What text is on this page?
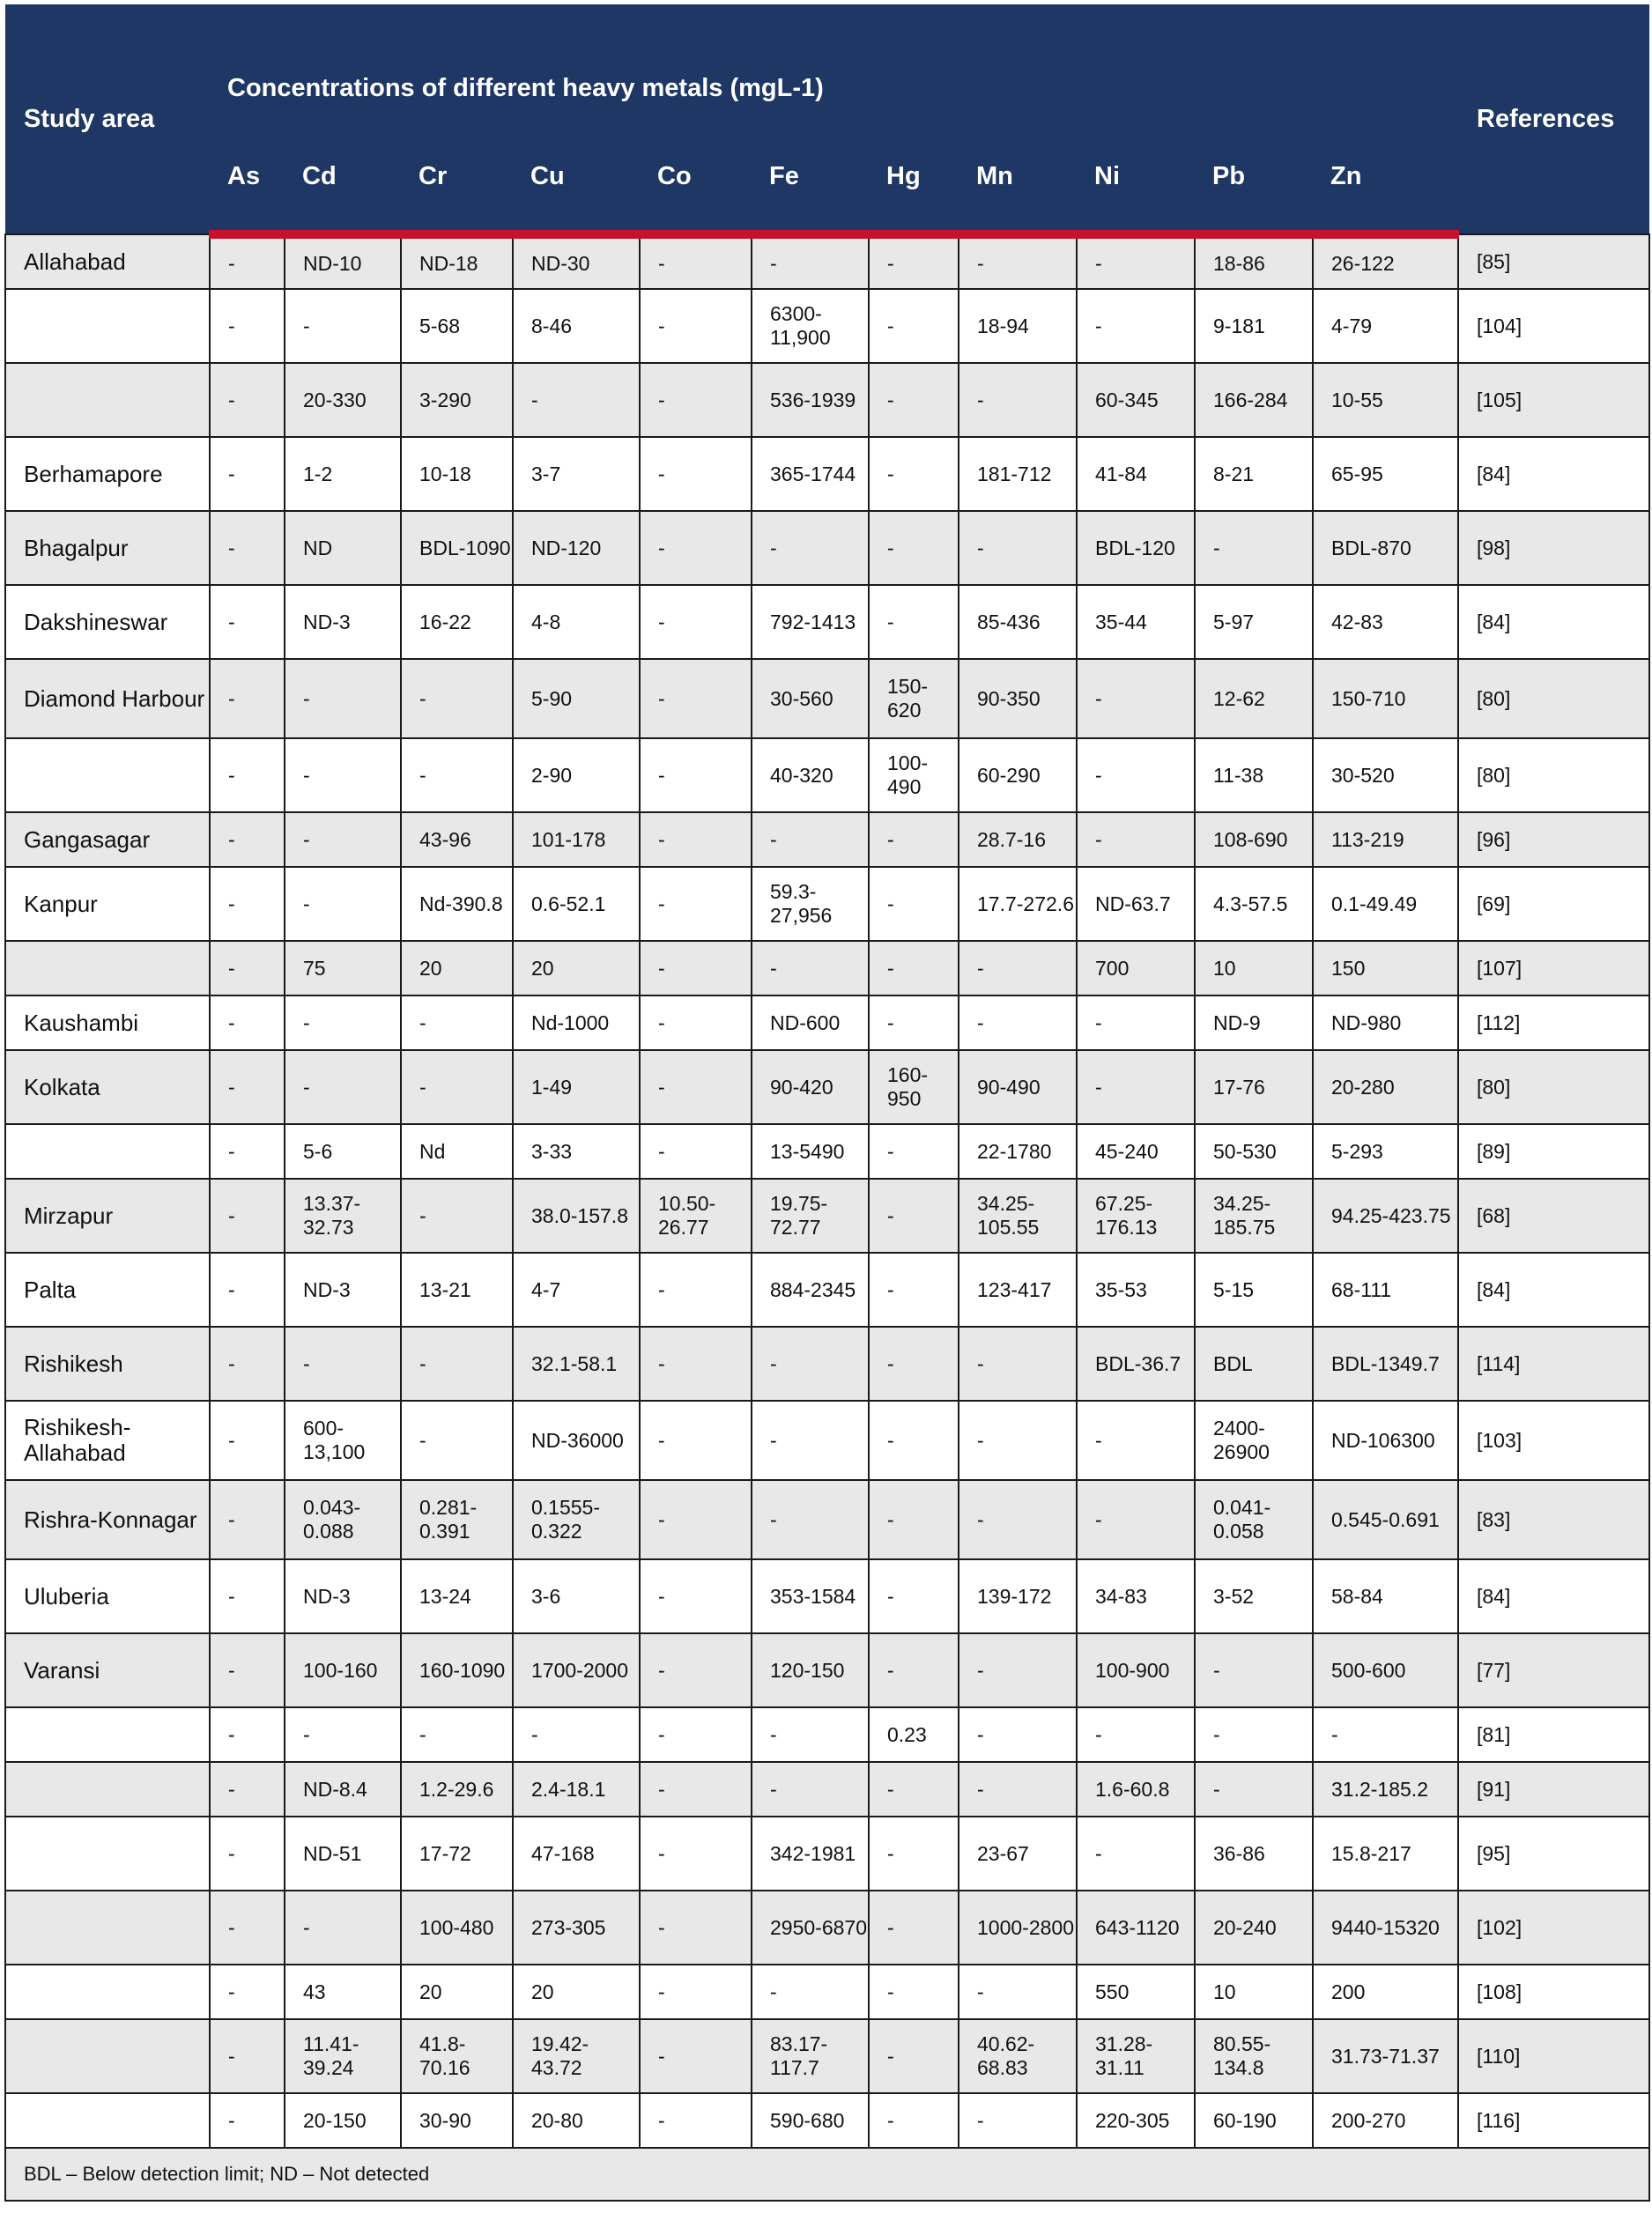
Study area	Concentrations of different heavy metals (mgL-1)											References
	As	Cd	Cr	Cu	Co	Fe	Hg	Mn	Ni	Pb	Zn	
Allahabad	-	ND-10	ND-18	ND-30	-	-	-	-	-	18-86	26-122	[85]
	-	-	5-68	8-46	-	6300-11,900	-	18-94	-	9-181	4-79	[104]
	-	20-330	3-290	-	-	536-1939	-	-	60-345	166-284	10-55	[105]
Berhamapore	-	1-2	10-18	3-7	-	365-1744	-	181-712	41-84	8-21	65-95	[84]
Bhagalpur	-	ND	BDL-1090	ND-120	-	-	-	-	BDL-120	-	BDL-870	[98]
Dakshineswar	-	ND-3	16-22	4-8	-	792-1413	-	85-436	35-44	5-97	42-83	[84]
Diamond Harbour	-	-	-	5-90	-	30-560	150-620	90-350	-	12-62	150-710	[80]
	-	-	-	2-90	-	40-320	100-490	60-290	-	11-38	30-520	[80]
Gangasagar	-	-	43-96	101-178	-	-	-	28.7-16	-	108-690	113-219	[96]
Kanpur	-	-	Nd-390.8	0.6-52.1	-	59.3-27,956	-	17.7-272.6	ND-63.7	4.3-57.5	0.1-49.49	[69]
	-	75	20	20	-	-	-	-	700	10	150	[107]
Kaushambi	-	-	-	Nd-1000	-	ND-600	-	-	-	ND-9	ND-980	[112]
Kolkata	-	-	-	1-49	-	90-420	160-950	90-490	-	17-76	20-280	[80]
	-	5-6	Nd	3-33	-	13-5490	-	22-1780	45-240	50-530	5-293	[89]
Mirzapur	-	13.37-32.73	-	38.0-157.8	10.50-26.77	19.75-72.77	-	34.25-105.55	67.25-176.13	34.25-185.75	94.25-423.75	[68]
Palta	-	ND-3	13-21	4-7	-	884-2345	-	123-417	35-53	5-15	68-111	[84]
Rishikesh	-	-	-	32.1-58.1	-	-	-	-	BDL-36.7	BDL	BDL-1349.7	[114]
Rishikesh-Allahabad	-	600-13,100	-	ND-36000	-	-	-	-	-	2400-26900	ND-106300	[103]
Rishra-Konnagar	-	0.043-0.088	0.281-0.391	0.1555-0.322	-	-	-	-	-	0.041-0.058	0.545-0.691	[83]
Uluberia	-	ND-3	13-24	3-6	-	353-1584	-	139-172	34-83	3-52	58-84	[84]
Varansi	-	100-160	160-1090	1700-2000	-	120-150	-	-	100-900	-	500-600	[77]
	-	-	-	-	-	-	0.23	-	-	-	-	[81]
	-	ND-8.4	1.2-29.6	2.4-18.1	-	-	-	-	1.6-60.8	-	31.2-185.2	[91]
	-	ND-51	17-72	47-168	-	342-1981	-	23-67	-	36-86	15.8-217	[95]
	-	-	100-480	273-305	-	2950-6870	-	1000-2800	643-1120	20-240	9440-15320	[102]
	-	43	20	20	-	-	-	-	550	10	200	[108]
	-	11.41-39.24	41.8-70.16	19.42-43.72	-	83.17-117.7	-	40.62-68.83	31.28-31.11	80.55-134.8	31.73-71.37	[110]
	-	20-150	30-90	20-80	-	590-680	-	-	220-305	60-190	200-270	[116]
BDL – Below detection limit; ND – Not detected												
